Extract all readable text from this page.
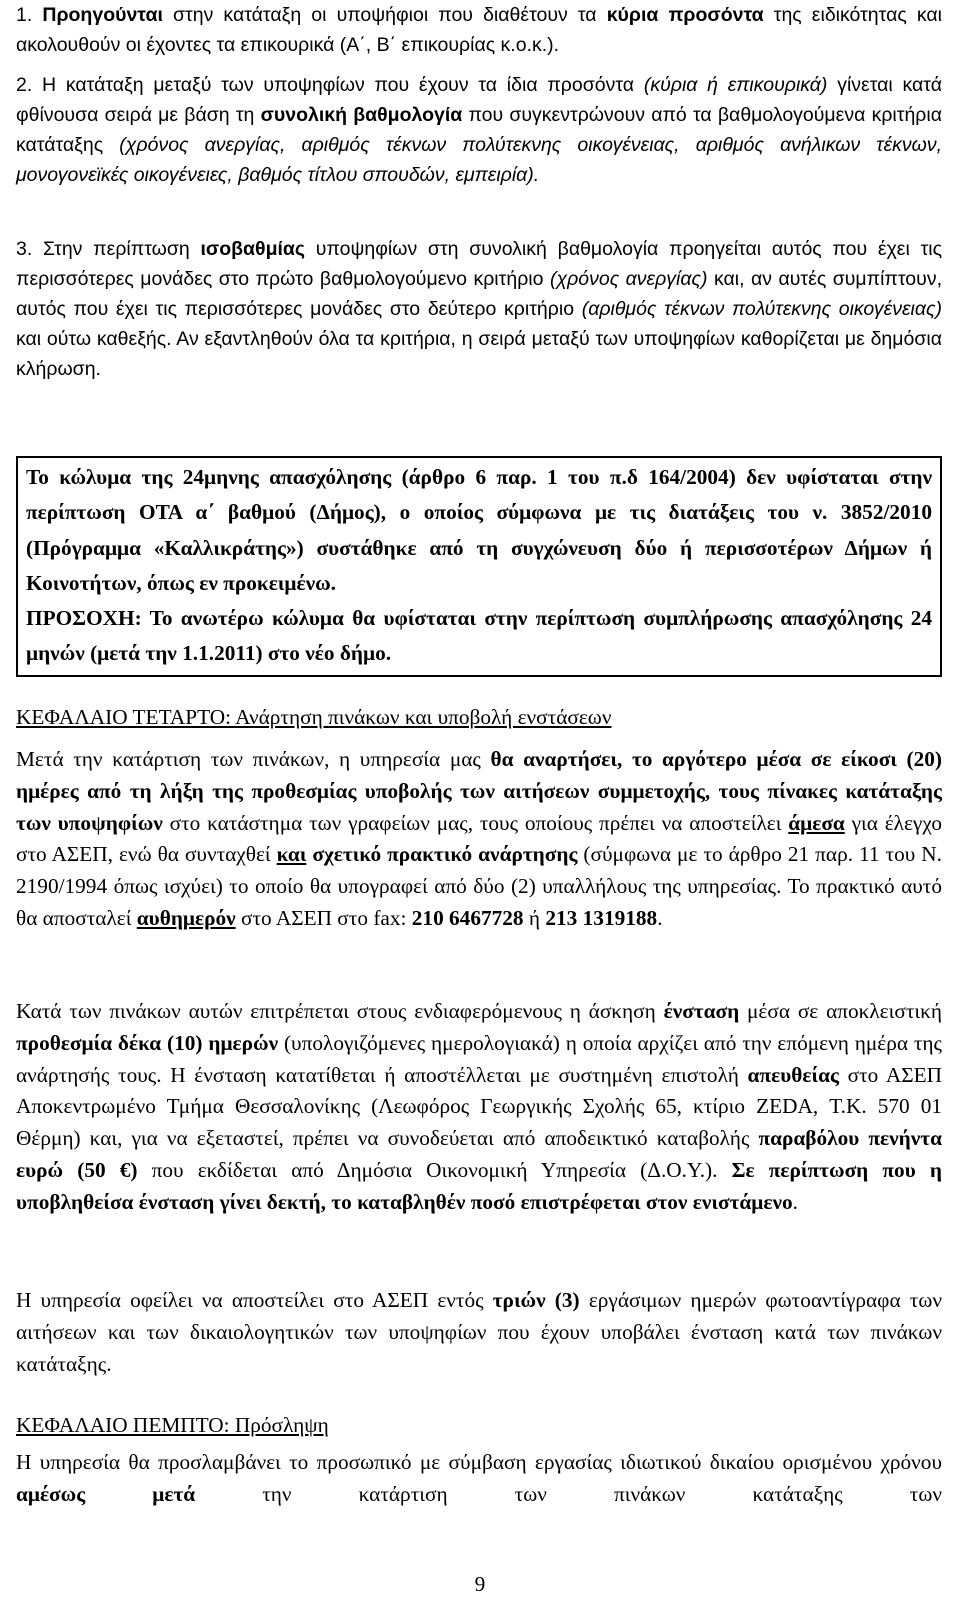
1. Προηγούνται στην κατάταξη οι υποψήφιοι που διαθέτουν τα κύρια προσόντα της ειδικότητας και ακολουθούν οι έχοντες τα επικουρικά (Α΄, Β΄ επικουρίας κ.ο.κ.).

2. Η κατάταξη μεταξύ των υποψηφίων που έχουν τα ίδια προσόντα (κύρια ή επικουρικά) γίνεται κατά φθίνουσα σειρά με βάση τη συνολική βαθμολογία που συγκεντρώνουν από τα βαθμολογούμενα κριτήρια κατάταξης (χρόνος ανεργίας, αριθμός τέκνων πολύτεκνης οικογένειας, αριθμός ανήλικων τέκνων, μονογονεϊκές οικογένειες, βαθμός τίτλου σπουδών, εμπειρία).

3. Στην περίπτωση ισοβαθμίας υποψηφίων στη συνολική βαθμολογία προηγείται αυτός που έχει τις περισσότερες μονάδες στο πρώτο βαθμολογούμενο κριτήριο (χρόνος ανεργίας) και, αν αυτές συμπίπτουν, αυτός που έχει τις περισσότερες μονάδες στο δεύτερο κριτήριο (αριθμός τέκνων πολύτεκνης οικογένειας) και ούτω καθεξής. Αν εξαντληθούν όλα τα κριτήρια, η σειρά μεταξύ των υποψηφίων καθορίζεται με δημόσια κλήρωση.

Το κώλυμα της 24μηνης απασχόλησης (άρθρο 6 παρ. 1 του π.δ 164/2004) δεν υφίσταται στην περίπτωση ΟΤΑ α΄ βαθμού (Δήμος), ο οποίος σύμφωνα με τις διατάξεις του ν. 3852/2010 (Πρόγραμμα «Καλλικράτης») συστάθηκε από τη συγχώνευση δύο ή περισσοτέρων Δήμων ή Κοινοτήτων, όπως εν προκειμένω.
ΠΡΟΣΟΧΗ: Το ανωτέρω κώλυμα θα υφίσταται στην περίπτωση συμπλήρωσης απασχόλησης 24 μηνών (μετά την 1.1.2011) στο νέο δήμο.

ΚΕΦΑΛΑΙΟ ΤΕΤΑΡΤΟ: Ανάρτηση πινάκων και υποβολή ενστάσεων

Μετά την κατάρτιση των πινάκων, η υπηρεσία μας θα αναρτήσει, το αργότερο μέσα σε είκοσι (20) ημέρες από τη λήξη της προθεσμίας υποβολής των αιτήσεων συμμετοχής, τους πίνακες κατάταξης των υποψηφίων στο κατάστημα των γραφείων μας, τους οποίους πρέπει να αποστείλει άμεσα για έλεγχο στο ΑΣΕΠ, ενώ θα συνταχθεί και σχετικό πρακτικό ανάρτησης (σύμφωνα με το άρθρο 21 παρ. 11 του Ν. 2190/1994 όπως ισχύει) το οποίο θα υπογραφεί από δύο (2) υπαλλήλους της υπηρεσίας. Το πρακτικό αυτό θα αποσταλεί αυθημερόν στο ΑΣΕΠ στο fax: 210 6467728 ή 213 1319188.

Κατά των πινάκων αυτών επιτρέπεται στους ενδιαφερόμενους η άσκηση ένσταση μέσα σε αποκλειστική προθεσμία δέκα (10) ημερών (υπολογιζόμενες ημερολογιακά) η οποία αρχίζει από την επόμενη ημέρα της ανάρτησής τους. Η ένσταση κατατίθεται ή αποστέλλεται με συστημένη επιστολή απευθείας στο ΑΣΕΠ Αποκεντρωμένο Τμήμα Θεσσαλονίκης (Λεωφόρος Γεωργικής Σχολής 65, κτίριο ZEDA, Τ.Κ. 570 01 Θέρμη) και, για να εξεταστεί, πρέπει να συνοδεύεται από αποδεικτικό καταβολής παραβόλου πενήντα ευρώ (50 €) που εκδίδεται από Δημόσια Οικονομική Υπηρεσία (Δ.Ο.Υ.). Σε περίπτωση που η υποβληθείσα ένσταση γίνει δεκτή, το καταβληθέν ποσό επιστρέφεται στον ενιστάμενο.

Η υπηρεσία οφείλει να αποστείλει στο ΑΣΕΠ εντός τριών (3) εργάσιμων ημερών φωτοαντίγραφα των αιτήσεων και των δικαιολογητικών των υποψηφίων που έχουν υποβάλει ένσταση κατά των πινάκων κατάταξης.

ΚΕΦΑΛΑΙΟ ΠΕΜΠΤΟ: Πρόσληψη

Η υπηρεσία θα προσλαμβάνει το προσωπικό με σύμβαση εργασίας ιδιωτικού δικαίου ορισμένου χρόνου αμέσως μετά την κατάρτιση των πινάκων κατάταξης των

9
